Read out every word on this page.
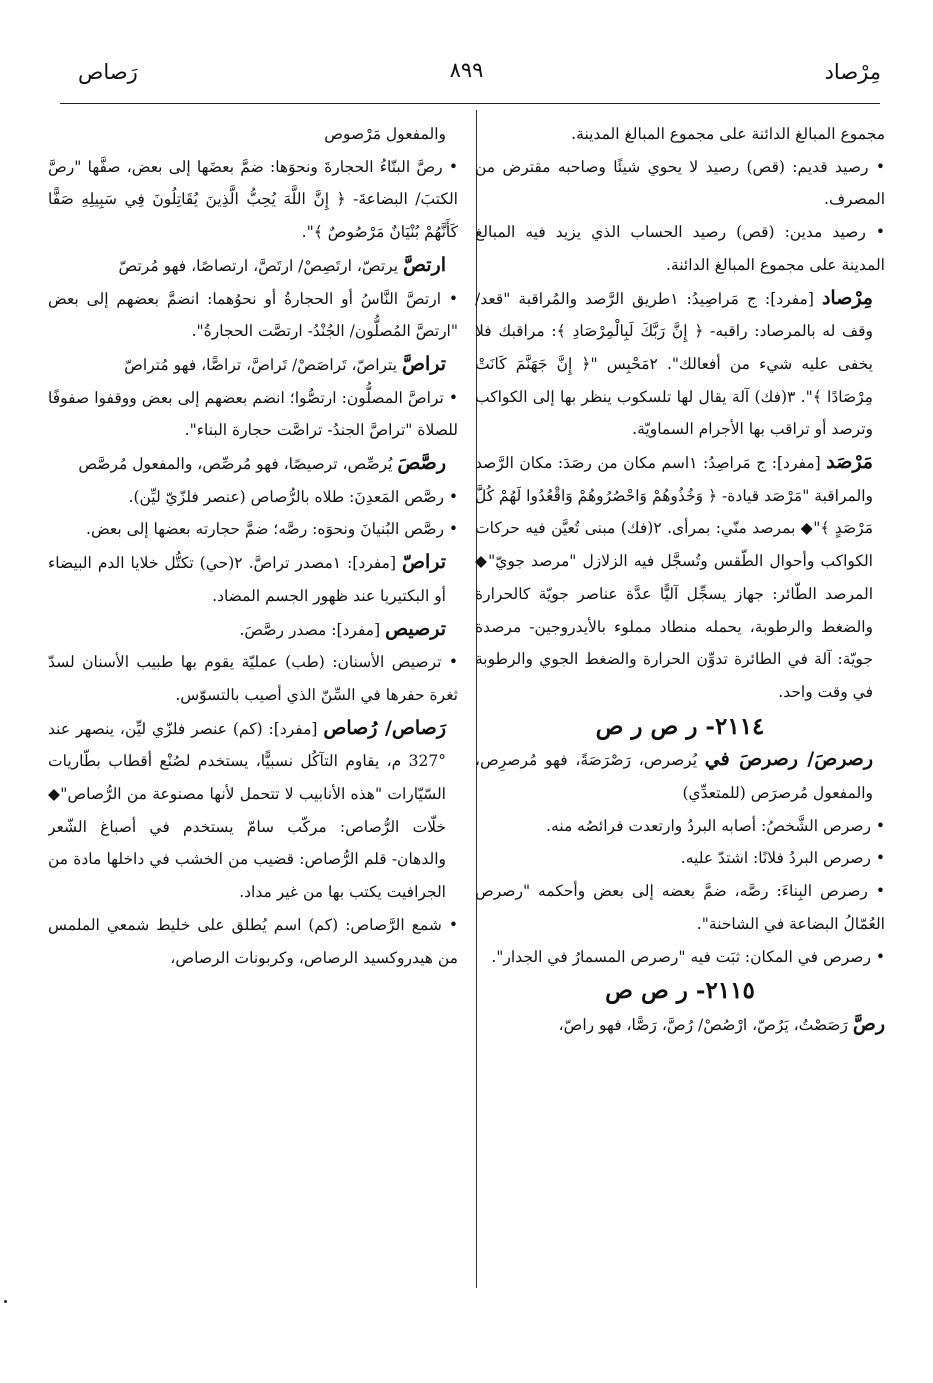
مِرْصاد
٨٩٩
رَصاص

مجموع المبالغ الدائنة على مجموع المبالغ المدينة.

• رصيد قديم: (قص) رصيد لا يحوي شيئًا وصاحبه مقترض من المصرف.

• رصيد مدين: (قص) رصيد الحساب الذي يزيد فيه المبالغ المدينة على مجموع المبالغ الدائنة.

مِرْصاد [مفرد]: ج مَراصِيدُ: ١طريق الرَّصد والمُراقبة "قعد/ وقف له بالمرصاد: راقبه- ﴿ إِنَّ رَبَّكَ لَبِالْمِرْصَادِ ﴾: مراقبك فلا يخفى عليه شيء من أفعالك". ٢مَحْبِس "﴿ إِنَّ جَهَنَّمَ كَانَتْ مِرْصَادًا ﴾". ٣(فك) آلة يقال لها تلسكوب ينظر بها إلى الكواكب وترصد أو تراقب بها الأجرام السماويّة.

مَرْصَد [مفرد]: ج مَراصِدُ: ١اسم مكان من رصَدَ: مكان الرَّصد والمراقبة "مَرْصَد قيادة- ﴿ وَخُذُوهُمْ وَاحْصُرُوهُمْ وَاقْعُدُوا لَهُمْ كُلَّ مَرْصَدٍ ﴾"◆ بمرصد منّي: بمرأى. ٢(فك) مبنى تُعيَّن فيه حركات الكواكب وأحوال الطّقس وتُسجَّل فيه الزلازل "مرصد جويّ"◆ المرصد الطّائر: جهاز يسجِّل آليًّا عدَّة عناصر جويّة كالحرارة والضغط والرطوبة، يحمله منطاد مملوء بالأيدروجين- مرصدة جويّة: آلة في الطائرة تدوِّن الحرارة والضغط الجوي والرطوبة في وقت واحد.

٢١١٤- ر ص ر ص

رصرصَ/ رصرصَ في يُرصرص، رَصْرَصَةً، فهو مُرصرِص، والمفعول مُرصرَص (للمتعدِّي)

• رصرص الشَّخصُ: أصابه البردُ وارتعدت فرائصُه منه.

• رصرص البردُ فلانًا: اشتدّ عليه.

• رصرص البِناءَ: رصَّه، ضمَّ بعضه إلى بعض وأحكمه "رصرص العُمّالُ البضاعة في الشاحنة".

• رصرص في المكان: ثبَت فيه "رصرص المسمارُ في الجدار".

٢١١٥- ر ص ص

رصَّ رَصَصْتُ، يَرُصّ، ارْصُصْ/ رُصَّ، رَصًّا، فهو راصّ،

والمفعول مَرْصوص

• رصَّ البنّاءُ الحجارةَ ونحوَها: ضمَّ بعضَها إلى بعض، صفَّها "رصَّ الكتبَ/ البضاعةَ- ﴿ إِنَّ اللَّهَ يُحِبُّ الَّذِينَ يُقَاتِلُونَ فِي سَبِيلِهِ صَفًّا كَأَنَّهُمْ بُنْيَانٌ مَرْصُوصٌ ﴾".

ارتصَّ يرتصّ، ارتَصِصْ/ ارتَصَّ، ارتصاصًا، فهو مُرتصّ

• ارتصَّ النَّاسُ أو الحجارةُ أو نحوُهما: انضمَّ بعضهم إلى بعض "ارتصَّ المُصلُّون/ الجُنْدُ- ارتصَّت الحجارةُ".

تراصَّ يتراصّ، تَراصَصْ/ تَراصَّ، تراصًّا، فهو مُتراصّ

• تراصَّ المصلُّون: ارتصُّوا؛ انضم بعضهم إلى بعض ووقفوا صفوفًا للصلاة "تراصَّ الجندُ- تراصَّت حجارة البناء".

رصَّصَ يُرصِّص، ترصيصًا، فهو مُرصِّص، والمفعول مُرصَّص

• رصَّص المَعدِنَ: طلاه بالرُّصاص (عنصر فلزّيّ ليِّن).

• رصَّص البُنيانَ ونحوَه: رصَّه؛ ضمَّ حجارته بعضها إلى بعض.

تراصّ [مفرد]: ١مصدر تراصَّ. ٢(حي) تكتُّل خلايا الدم البيضاء أو البكتيريا عند ظهور الجسم المضاد.

ترصيص [مفرد]: مصدر رصَّصَ.

• ترصيص الأسنان: (طب) عمليّة يقوم بها طبيب الأسنان لسدّ ثغرة حفرها في السِّنّ الذي أصيب بالتسوّس.

رَصاص/ رُصاص [مفرد]: (كم) عنصر فلزّي ليِّن، ينصهر عند °327 م، يقاوم التآكُل نسبيًّا، يستخدم لصُنْع أقطاب بطّاريات السّيّارات "هذه الأنابيب لا تتحمل لأنها مصنوعة من الرُّصاص"◆ خلّات الرُّصاص: مركّب سامّ يستخدم في أصباغ الشّعر والدهان- قلم الرُّصاص: قضيب من الخشب في داخلها مادة من الجرافيت يكتب بها من غير مداد.

• شمع الرَّصاص: (كم) اسم يُطلق على خليط شمعي الملمس من هيدروكسيد الرصاص، وكربونات الرصاص،
